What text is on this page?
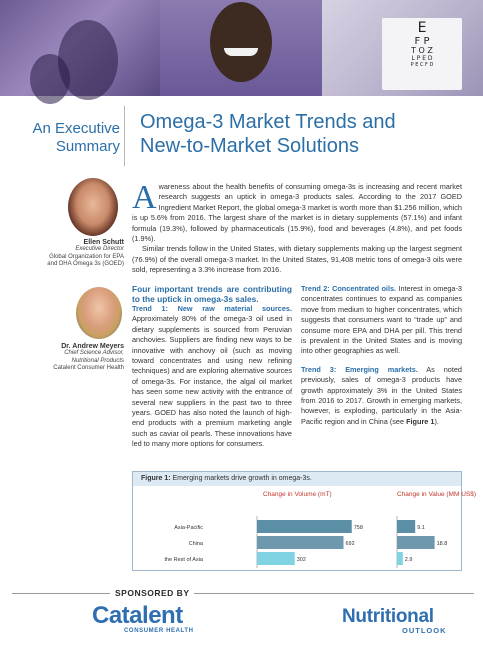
E
F P
T O Z
L P E D
P E C F D
An Executive
Summary
Omega-3 Market Trends and
New-to-Market Solutions
Ellen Schutt
Executive Director
Global Organization for EPA
and DHA Omega 3s (GOED)
Dr. Andrew Meyers
Chief Science Advisor,
Nutritional Products
Catalent Consumer Health
A wareness about the health benefits of consuming omega-3s is increasing and recent market research suggests an uptick in omega-3 products sales. According to the 2017 GOED Ingredient Market Report, the global omega-3 market is worth more than $1.256 million, which is up 5.6% from 2016. The largest share of the market is in dietary supplements (57.1%) and infant formula (19.3%), followed by pharmaceuticals (15.9%), food and beverages (4.8%), and pet foods (1.9%).
Similar trends follow in the United States, with dietary supplements making up the largest segment (76.9%) of the overall omega-3 market. In the United States, 91,408 metric tons of omega-3 oils were sold, representing a 3.3% increase from 2016.
Four important trends are contributing to the uptick in omega-3s sales.
Trend 1: New raw material sources. Approximately 80% of the omega-3 oil used in dietary supplements is sourced from Peruvian anchovies. Suppliers are finding new ways to be innovative with anchovy oil (such as moving toward concentrates and using new refining techniques) and are exploring alternative sources of omega-3s. For instance, the algal oil market has seen some new activity with the entrance of several new suppliers in the past two to three years. GOED has also noted the launch of high-end products with a premium marketing angle such as caviar oil pearls. These innovations have led to many more options for consumers.
Trend 2: Concentrated oils. Interest in omega-3 concentrates continues to expand as companies move from medium to higher concentrates, which suggests that consumers want to “trade up” and consume more EPA and DHA per pill. This trend is prevalent in the United States and is moving into other geographies as well.
Trend 3: Emerging markets. As noted previously, sales of omega-3 products have growth approximately 3% in the United States from 2016 to 2017. Growth in emerging markets, however, is exploding, particularly in the Asia-Pacific region and in China (see Figure 1).
Figure 1: Emerging markets drive growth in omega-3s.
Asia-Pacific
China
the Rest of Asia
Change in Volume (mT)
758
692
302
Change in Value (MM US$)
9.1
18.8
2.9
SPONSORED BY
Catalent
CONSUMER HEALTH
Nutritional
OUTLOOK
